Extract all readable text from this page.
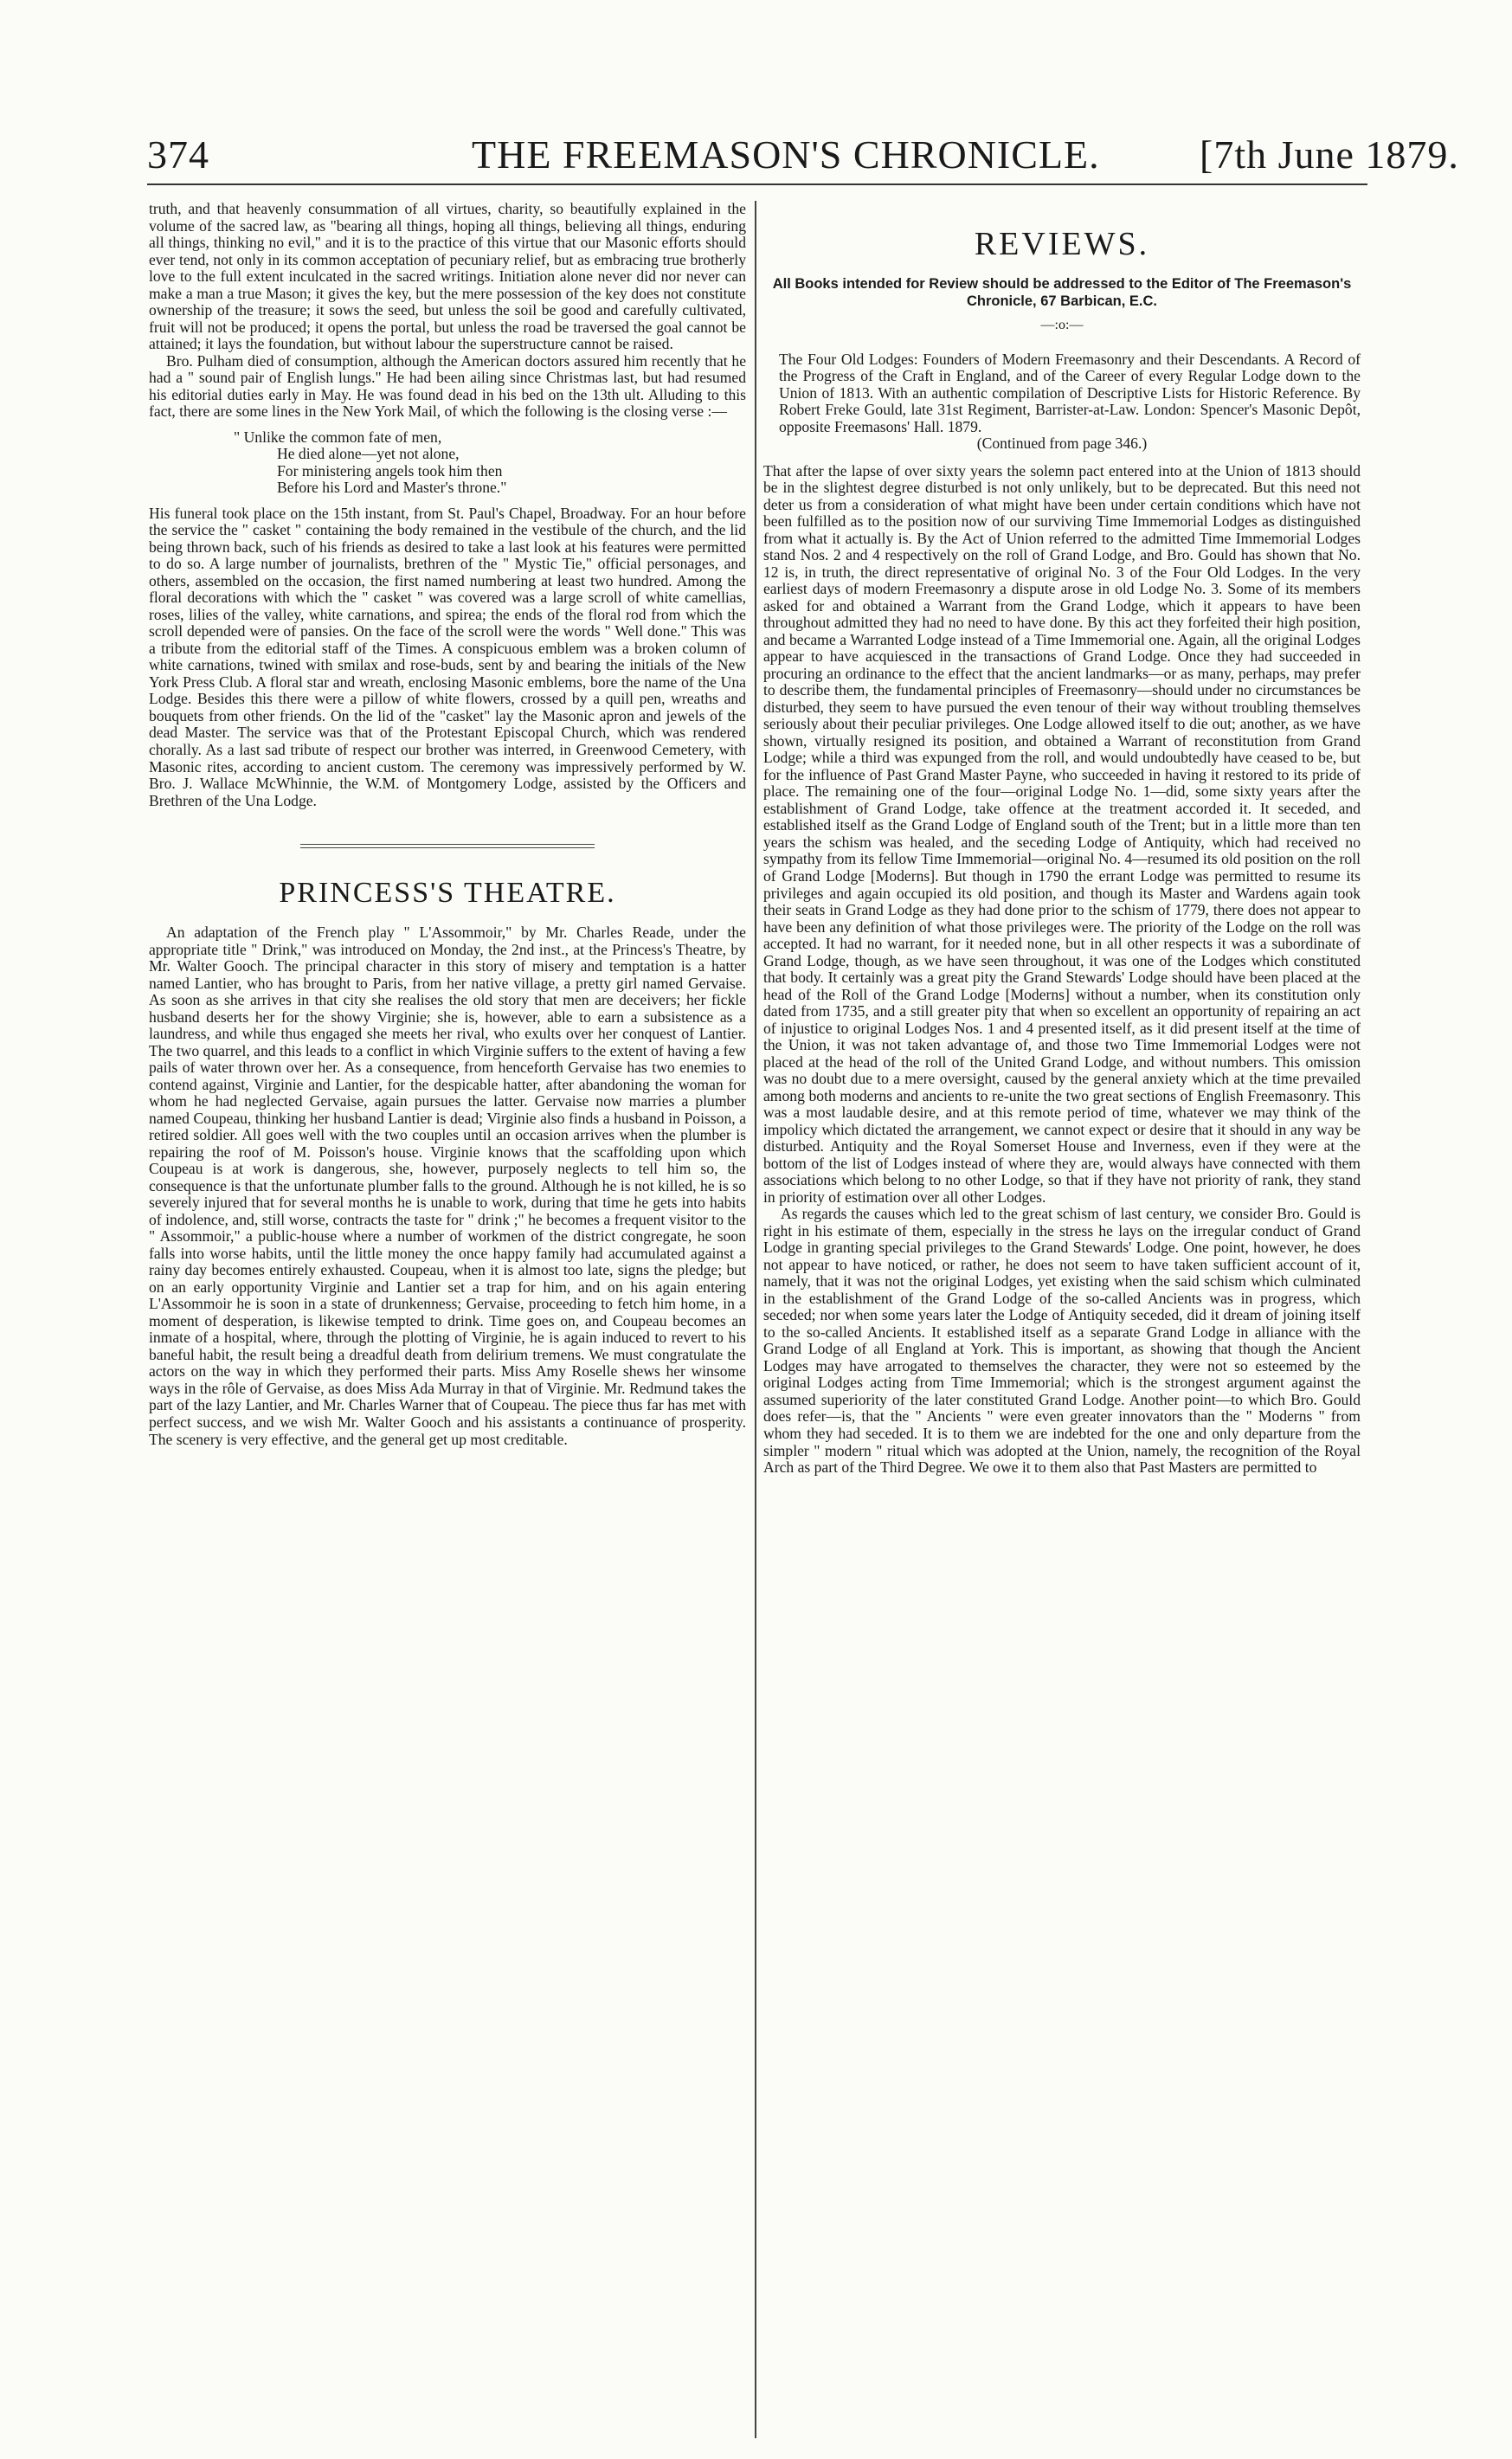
374	THE FREEMASON'S CHRONICLE.	[7th June 1879.

truth, and that heavenly consummation of all virtues, charity, so beautifully explained in the volume of the sacred law, as "bearing all things, hoping all things, believing all things, enduring all things, thinking no evil," and it is to the practice of this virtue that our Masonic efforts should ever tend, not only in its common acceptation of pecuniary relief, but as embracing true brotherly love to the full extent inculcated in the sacred writings. Initiation alone never did nor never can make a man a true Mason; it gives the key, but the mere possession of the key does not constitute ownership of the treasure; it sows the seed, but unless the soil be good and carefully cultivated, fruit will not be produced; it opens the portal, but unless the road be traversed the goal cannot be attained; it lays the foundation, but without labour the superstructure cannot be raised.

Bro. Pulham died of consumption, although the American doctors assured him recently that he had a " sound pair of English lungs." He had been ailing since Christmas last, but had resumed his editorial duties early in May. He was found dead in his bed on the 13th ult. Alluding to this fact, there are some lines in the New York Mail, of which the following is the closing verse :—

" Unlike the common fate of men,
He died alone—yet not alone,
For ministering angels took him then
Before his Lord and Master's throne."

His funeral took place on the 15th instant, from St. Paul's Chapel, Broadway. For an hour before the service the " casket " containing the body remained in the vestibule of the church, and the lid being thrown back, such of his friends as desired to take a last look at his features were permitted to do so. A large number of journalists, brethren of the " Mystic Tie," official personages, and others, assembled on the occasion, the first named numbering at least two hundred. Among the floral decorations with which the " casket " was covered was a large scroll of white camellias, roses, lilies of the valley, white carnations, and spirea; the ends of the floral rod from which the scroll depended were of pansies. On the face of the scroll were the words " Well done." This was a tribute from the editorial staff of the Times. A conspicuous emblem was a broken column of white carnations, twined with smilax and rose-buds, sent by and bearing the initials of the New York Press Club. A floral star and wreath, enclosing Masonic emblems, bore the name of the Una Lodge. Besides this there were a pillow of white flowers, crossed by a quill pen, wreaths and bouquets from other friends. On the lid of the "casket" lay the Masonic apron and jewels of the dead Master. The service was that of the Protestant Episcopal Church, which was rendered chorally. As a last sad tribute of respect our brother was interred, in Greenwood Cemetery, with Masonic rites, according to ancient custom. The ceremony was impressively performed by W. Bro. J. Wallace McWhinnie, the W.M. of Montgomery Lodge, assisted by the Officers and Brethren of the Una Lodge.

PRINCESS'S THEATRE.

An adaptation of the French play " L'Assommoir," by Mr. Charles Reade, under the appropriate title " Drink," was introduced on Monday, the 2nd inst., at the Princess's Theatre, by Mr. Walter Gooch. The principal character in this story of misery and temptation is a hatter named Lantier, who has brought to Paris, from her native village, a pretty girl named Gervaise. As soon as she arrives in that city she realises the old story that men are deceivers; her fickle husband deserts her for the showy Virginie; she is, however, able to earn a subsistence as a laundress, and while thus engaged she meets her rival, who exults over her conquest of Lantier. The two quarrel, and this leads to a conflict in which Virginie suffers to the extent of having a few pails of water thrown over her. As a consequence, from henceforth Gervaise has two enemies to contend against, Virginie and Lantier, for the despicable hatter, after abandoning the woman for whom he had neglected Gervaise, again pursues the latter. Gervaise now marries a plumber named Coupeau, thinking her husband Lantier is dead; Virginie also finds a husband in Poisson, a retired soldier. All goes well with the two couples until an occasion arrives when the plumber is repairing the roof of M. Poisson's house. Virginie knows that the scaffolding upon which Coupeau is at work is dangerous, she, however, purposely neglects to tell him so, the consequence is that the unfortunate plumber falls to the ground. Although he is not killed, he is so severely injured that for several months he is unable to work, during that time he gets into habits of indolence, and, still worse, contracts the taste for " drink ;" he becomes a frequent visitor to the " Assommoir," a public-house where a number of workmen of the district congregate, he soon falls into worse habits, until the little money the once happy family had accumulated against a rainy day becomes entirely exhausted. Coupeau, when it is almost too late, signs the pledge; but on an early opportunity Virginie and Lantier set a trap for him, and on his again entering L'Assommoir he is soon in a state of drunkenness; Gervaise, proceeding to fetch him home, in a moment of desperation, is likewise tempted to drink. Time goes on, and Coupeau becomes an inmate of a hospital, where, through the plotting of Virginie, he is again induced to revert to his baneful habit, the result being a dreadful death from delirium tremens. We must congratulate the actors on the way in which they performed their parts. Miss Amy Roselle shews her winsome ways in the rôle of Gervaise, as does Miss Ada Murray in that of Virginie. Mr. Redmund takes the part of the lazy Lantier, and Mr. Charles Warner that of Coupeau. The piece thus far has met with perfect success, and we wish Mr. Walter Gooch and his assistants a continuance of prosperity. The scenery is very effective, and the general get up most creditable.

REVIEWS.
All Books intended for Review should be addressed to the Editor of The Freemason's Chronicle, 67 Barbican, E.C.
—:o:—

The Four Old Lodges: Founders of Modern Freemasonry and their Descendants. A Record of the Progress of the Craft in England, and of the Career of every Regular Lodge down to the Union of 1813. With an authentic compilation of Descriptive Lists for Historic Reference. By Robert Freke Gould, late 31st Regiment, Barrister-at-Law. London: Spencer's Masonic Depôt, opposite Freemasons' Hall. 1879.

(Continued from page 346.)

That after the lapse of over sixty years the solemn pact entered into at the Union of 1813 should be in the slightest degree disturbed is not only unlikely, but to be deprecated. But this need not deter us from a consideration of what might have been under certain conditions which have not been fulfilled as to the position now of our surviving Time Immemorial Lodges as distinguished from what it actually is. By the Act of Union referred to the admitted Time Immemorial Lodges stand Nos. 2 and 4 respectively on the roll of Grand Lodge, and Bro. Gould has shown that No. 12 is, in truth, the direct representative of original No. 3 of the Four Old Lodges. In the very earliest days of modern Freemasonry a dispute arose in old Lodge No. 3. Some of its members asked for and obtained a Warrant from the Grand Lodge, which it appears to have been throughout admitted they had no need to have done. By this act they forfeited their high position, and became a Warranted Lodge instead of a Time Immemorial one. Again, all the original Lodges appear to have acquiesced in the transactions of Grand Lodge. Once they had succeeded in procuring an ordinance to the effect that the ancient landmarks—or as many, perhaps, may prefer to describe them, the fundamental principles of Freemasonry—should under no circumstances be disturbed, they seem to have pursued the even tenour of their way without troubling themselves seriously about their peculiar privileges. One Lodge allowed itself to die out; another, as we have shown, virtually resigned its position, and obtained a Warrant of reconstitution from Grand Lodge; while a third was expunged from the roll, and would undoubtedly have ceased to be, but for the influence of Past Grand Master Payne, who succeeded in having it restored to its pride of place. The remaining one of the four—original Lodge No. 1—did, some sixty years after the establishment of Grand Lodge, take offence at the treatment accorded it. It seceded, and established itself as the Grand Lodge of England south of the Trent; but in a little more than ten years the schism was healed, and the seceding Lodge of Antiquity, which had received no sympathy from its fellow Time Immemorial—original No. 4—resumed its old position on the roll of Grand Lodge [Moderns]. But though in 1790 the errant Lodge was permitted to resume its privileges and again occupied its old position, and though its Master and Wardens again took their seats in Grand Lodge as they had done prior to the schism of 1779, there does not appear to have been any definition of what those privileges were. The priority of the Lodge on the roll was accepted. It had no warrant, for it needed none, but in all other respects it was a subordinate of Grand Lodge, though, as we have seen throughout, it was one of the Lodges which constituted that body. It certainly was a great pity the Grand Stewards' Lodge should have been placed at the head of the Roll of the Grand Lodge [Moderns] without a number, when its constitution only dated from 1735, and a still greater pity that when so excellent an opportunity of repairing an act of injustice to original Lodges Nos. 1 and 4 presented itself, as it did present itself at the time of the Union, it was not taken advantage of, and those two Time Immemorial Lodges were not placed at the head of the roll of the United Grand Lodge, and without numbers. This omission was no doubt due to a mere oversight, caused by the general anxiety which at the time prevailed among both moderns and ancients to re-unite the two great sections of English Freemasonry. This was a most laudable desire, and at this remote period of time, whatever we may think of the impolicy which dictated the arrangement, we cannot expect or desire that it should in any way be disturbed. Antiquity and the Royal Somerset House and Inverness, even if they were at the bottom of the list of Lodges instead of where they are, would always have connected with them associations which belong to no other Lodge, so that if they have not priority of rank, they stand in priority of estimation over all other Lodges.

As regards the causes which led to the great schism of last century, we consider Bro. Gould is right in his estimate of them, especially in the stress he lays on the irregular conduct of Grand Lodge in granting special privileges to the Grand Stewards' Lodge. One point, however, he does not appear to have noticed, or rather, he does not seem to have taken sufficient account of it, namely, that it was not the original Lodges, yet existing when the said schism which culminated in the establishment of the Grand Lodge of the so-called Ancients was in progress, which seceded; nor when some years later the Lodge of Antiquity seceded, did it dream of joining itself to the so-called Ancients. It established itself as a separate Grand Lodge in alliance with the Grand Lodge of all England at York. This is important, as showing that though the Ancient Lodges may have arrogated to themselves the character, they were not so esteemed by the original Lodges acting from Time Immemorial; which is the strongest argument against the assumed superiority of the later constituted Grand Lodge. Another point—to which Bro. Gould does refer—is, that the " Ancients " were even greater innovators than the " Moderns " from whom they had seceded. It is to them we are indebted for the one and only departure from the simpler " modern " ritual which was adopted at the Union, namely, the recognition of the Royal Arch as part of the Third Degree. We owe it to them also that Past Masters are permitted to
